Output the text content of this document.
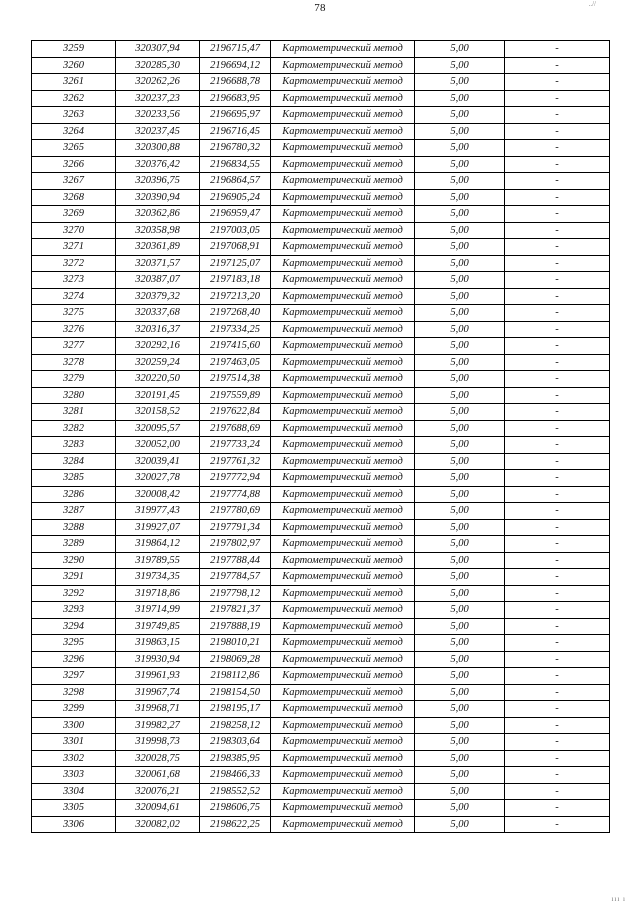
78	..//
3259	320307,94	2196715,47	Картометрический метод	5,00	-
3260	320285,30	2196694,12	Картометрический метод	5,00	-
3261	320262,26	2196688,78	Картометрический метод	5,00	-
3262	320237,23	2196683,95	Картометрический метод	5,00	-
3263	320233,56	2196695,97	Картометрический метод	5,00	-
3264	320237,45	2196716,45	Картометрический метод	5,00	-
3265	320300,88	2196780,32	Картометрический метод	5,00	-
3266	320376,42	2196834,55	Картометрический метод	5,00	-
3267	320396,75	2196864,57	Картометрический метод	5,00	-
3268	320390,94	2196905,24	Картометрический метод	5,00	-
3269	320362,86	2196959,47	Картометрический метод	5,00	-
3270	320358,98	2197003,05	Картометрический метод	5,00	-
3271	320361,89	2197068,91	Картометрический метод	5,00	-
3272	320371,57	2197125,07	Картометрический метод	5,00	-
3273	320387,07	2197183,18	Картометрический метод	5,00	-
3274	320379,32	2197213,20	Картометрический метод	5,00	-
3275	320337,68	2197268,40	Картометрический метод	5,00	-
3276	320316,37	2197334,25	Картометрический метод	5,00	-
3277	320292,16	2197415,60	Картометрический метод	5,00	-
3278	320259,24	2197463,05	Картометрический метод	5,00	-
3279	320220,50	2197514,38	Картометрический метод	5,00	-
3280	320191,45	2197559,89	Картометрический метод	5,00	-
3281	320158,52	2197622,84	Картометрический метод	5,00	-
3282	320095,57	2197688,69	Картометрический метод	5,00	-
3283	320052,00	2197733,24	Картометрический метод	5,00	-
3284	320039,41	2197761,32	Картометрический метод	5,00	-
3285	320027,78	2197772,94	Картометрический метод	5,00	-
3286	320008,42	2197774,88	Картометрический метод	5,00	-
3287	319977,43	2197780,69	Картометрический метод	5,00	-
3288	319927,07	2197791,34	Картометрический метод	5,00	-
3289	319864,12	2197802,97	Картометрический метод	5,00	-
3290	319789,55	2197788,44	Картометрический метод	5,00	-
3291	319734,35	2197784,57	Картометрический метод	5,00	-
3292	319718,86	2197798,12	Картометрический метод	5,00	-
3293	319714,99	2197821,37	Картометрический метод	5,00	-
3294	319749,85	2197888,19	Картометрический метод	5,00	-
3295	319863,15	2198010,21	Картометрический метод	5,00	-
3296	319930,94	2198069,28	Картометрический метод	5,00	-
3297	319961,93	2198112,86	Картометрический метод	5,00	-
3298	319967,74	2198154,50	Картометрический метод	5,00	-
3299	319968,71	2198195,17	Картометрический метод	5,00	-
3300	319982,27	2198258,12	Картометрический метод	5,00	-
3301	319998,73	2198303,64	Картометрический метод	5,00	-
3302	320028,75	2198385,95	Картометрический метод	5,00	-
3303	320061,68	2198466,33	Картометрический метод	5,00	-
3304	320076,21	2198552,52	Картометрический метод	5,00	-
3305	320094,61	2198606,75	Картометрический метод	5,00	-
3306	320082,02	2198622,25	Картометрический метод	5,00	-
ııı ı
